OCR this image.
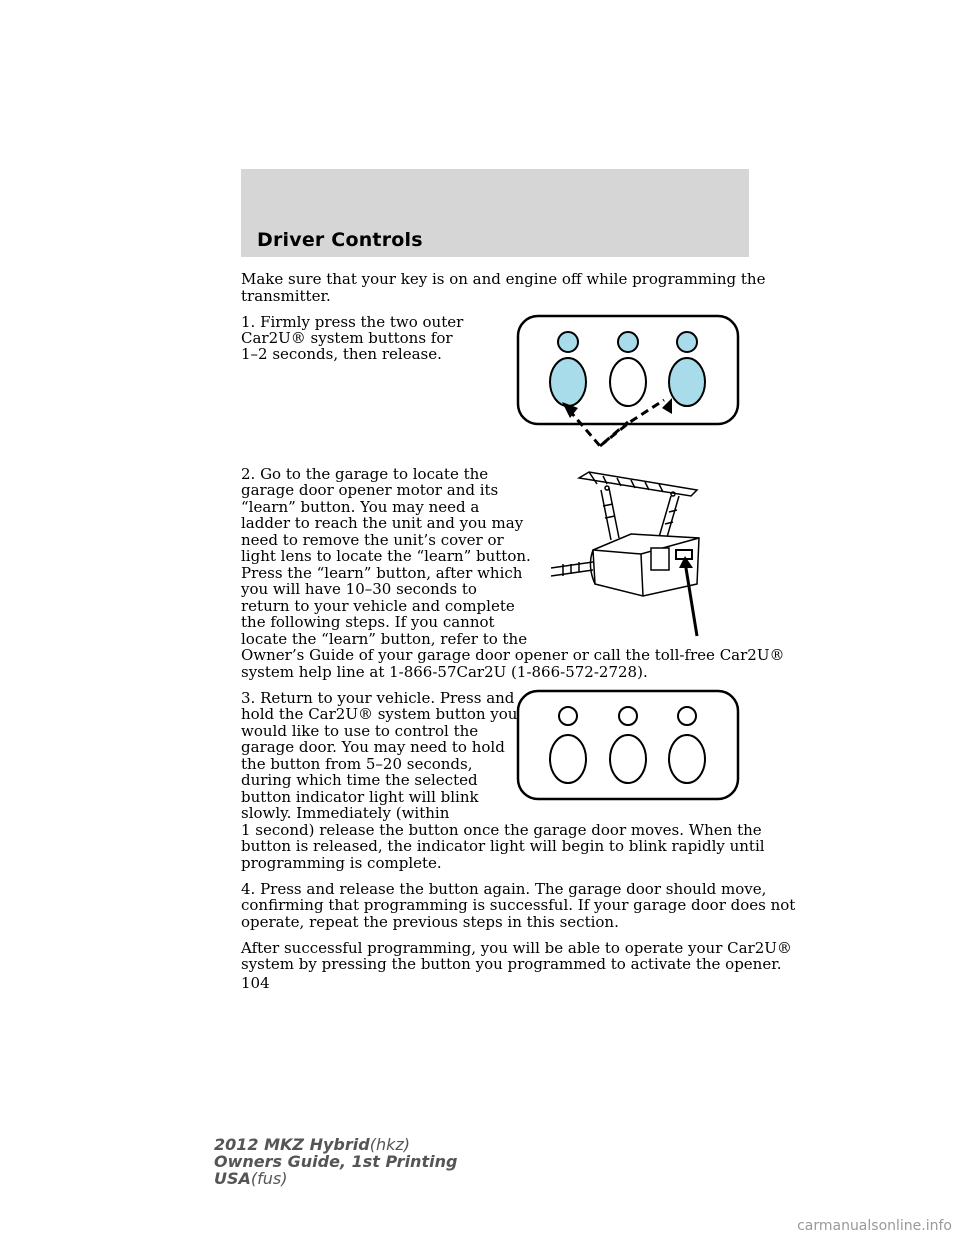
Driver Controls
Make sure that your key is on and engine off while programming the
transmitter.
1. Firmly press the two outer
Car2U® system buttons for
1–2 seconds, then release.
2. Go to the garage to locate the
garage door opener motor and its
“learn” button. You may need a
ladder to reach the unit and you may
need to remove the unit’s cover or
light lens to locate the “learn” button.
Press the “learn” button, after which
you will have 10–30 seconds to
return to your vehicle and complete
the following steps. If you cannot
locate the “learn” button, refer to the
Owner’s Guide of your garage door opener or call the toll-free Car2U®
system help line at 1-866-57Car2U (1-866-572-2728).
3. Return to your vehicle. Press and
hold the Car2U® system button you
would like to use to control the
garage door. You may need to hold
the button from 5–20 seconds,
during which time the selected
button indicator light will blink
slowly. Immediately (within
1 second) release the button once the garage door moves. When the
button is released, the indicator light will begin to blink rapidly until
programming is complete.
4. Press and release the button again. The garage door should move,
confirming that programming is successful. If your garage door does not
operate, repeat the previous steps in this section.
After successful programming, you will be able to operate your Car2U®
system by pressing the button you programmed to activate the opener.
104
2012 MKZ Hybrid(hkz)
Owners Guide, 1st Printing
USA(fus)
carmanualsonline.info
